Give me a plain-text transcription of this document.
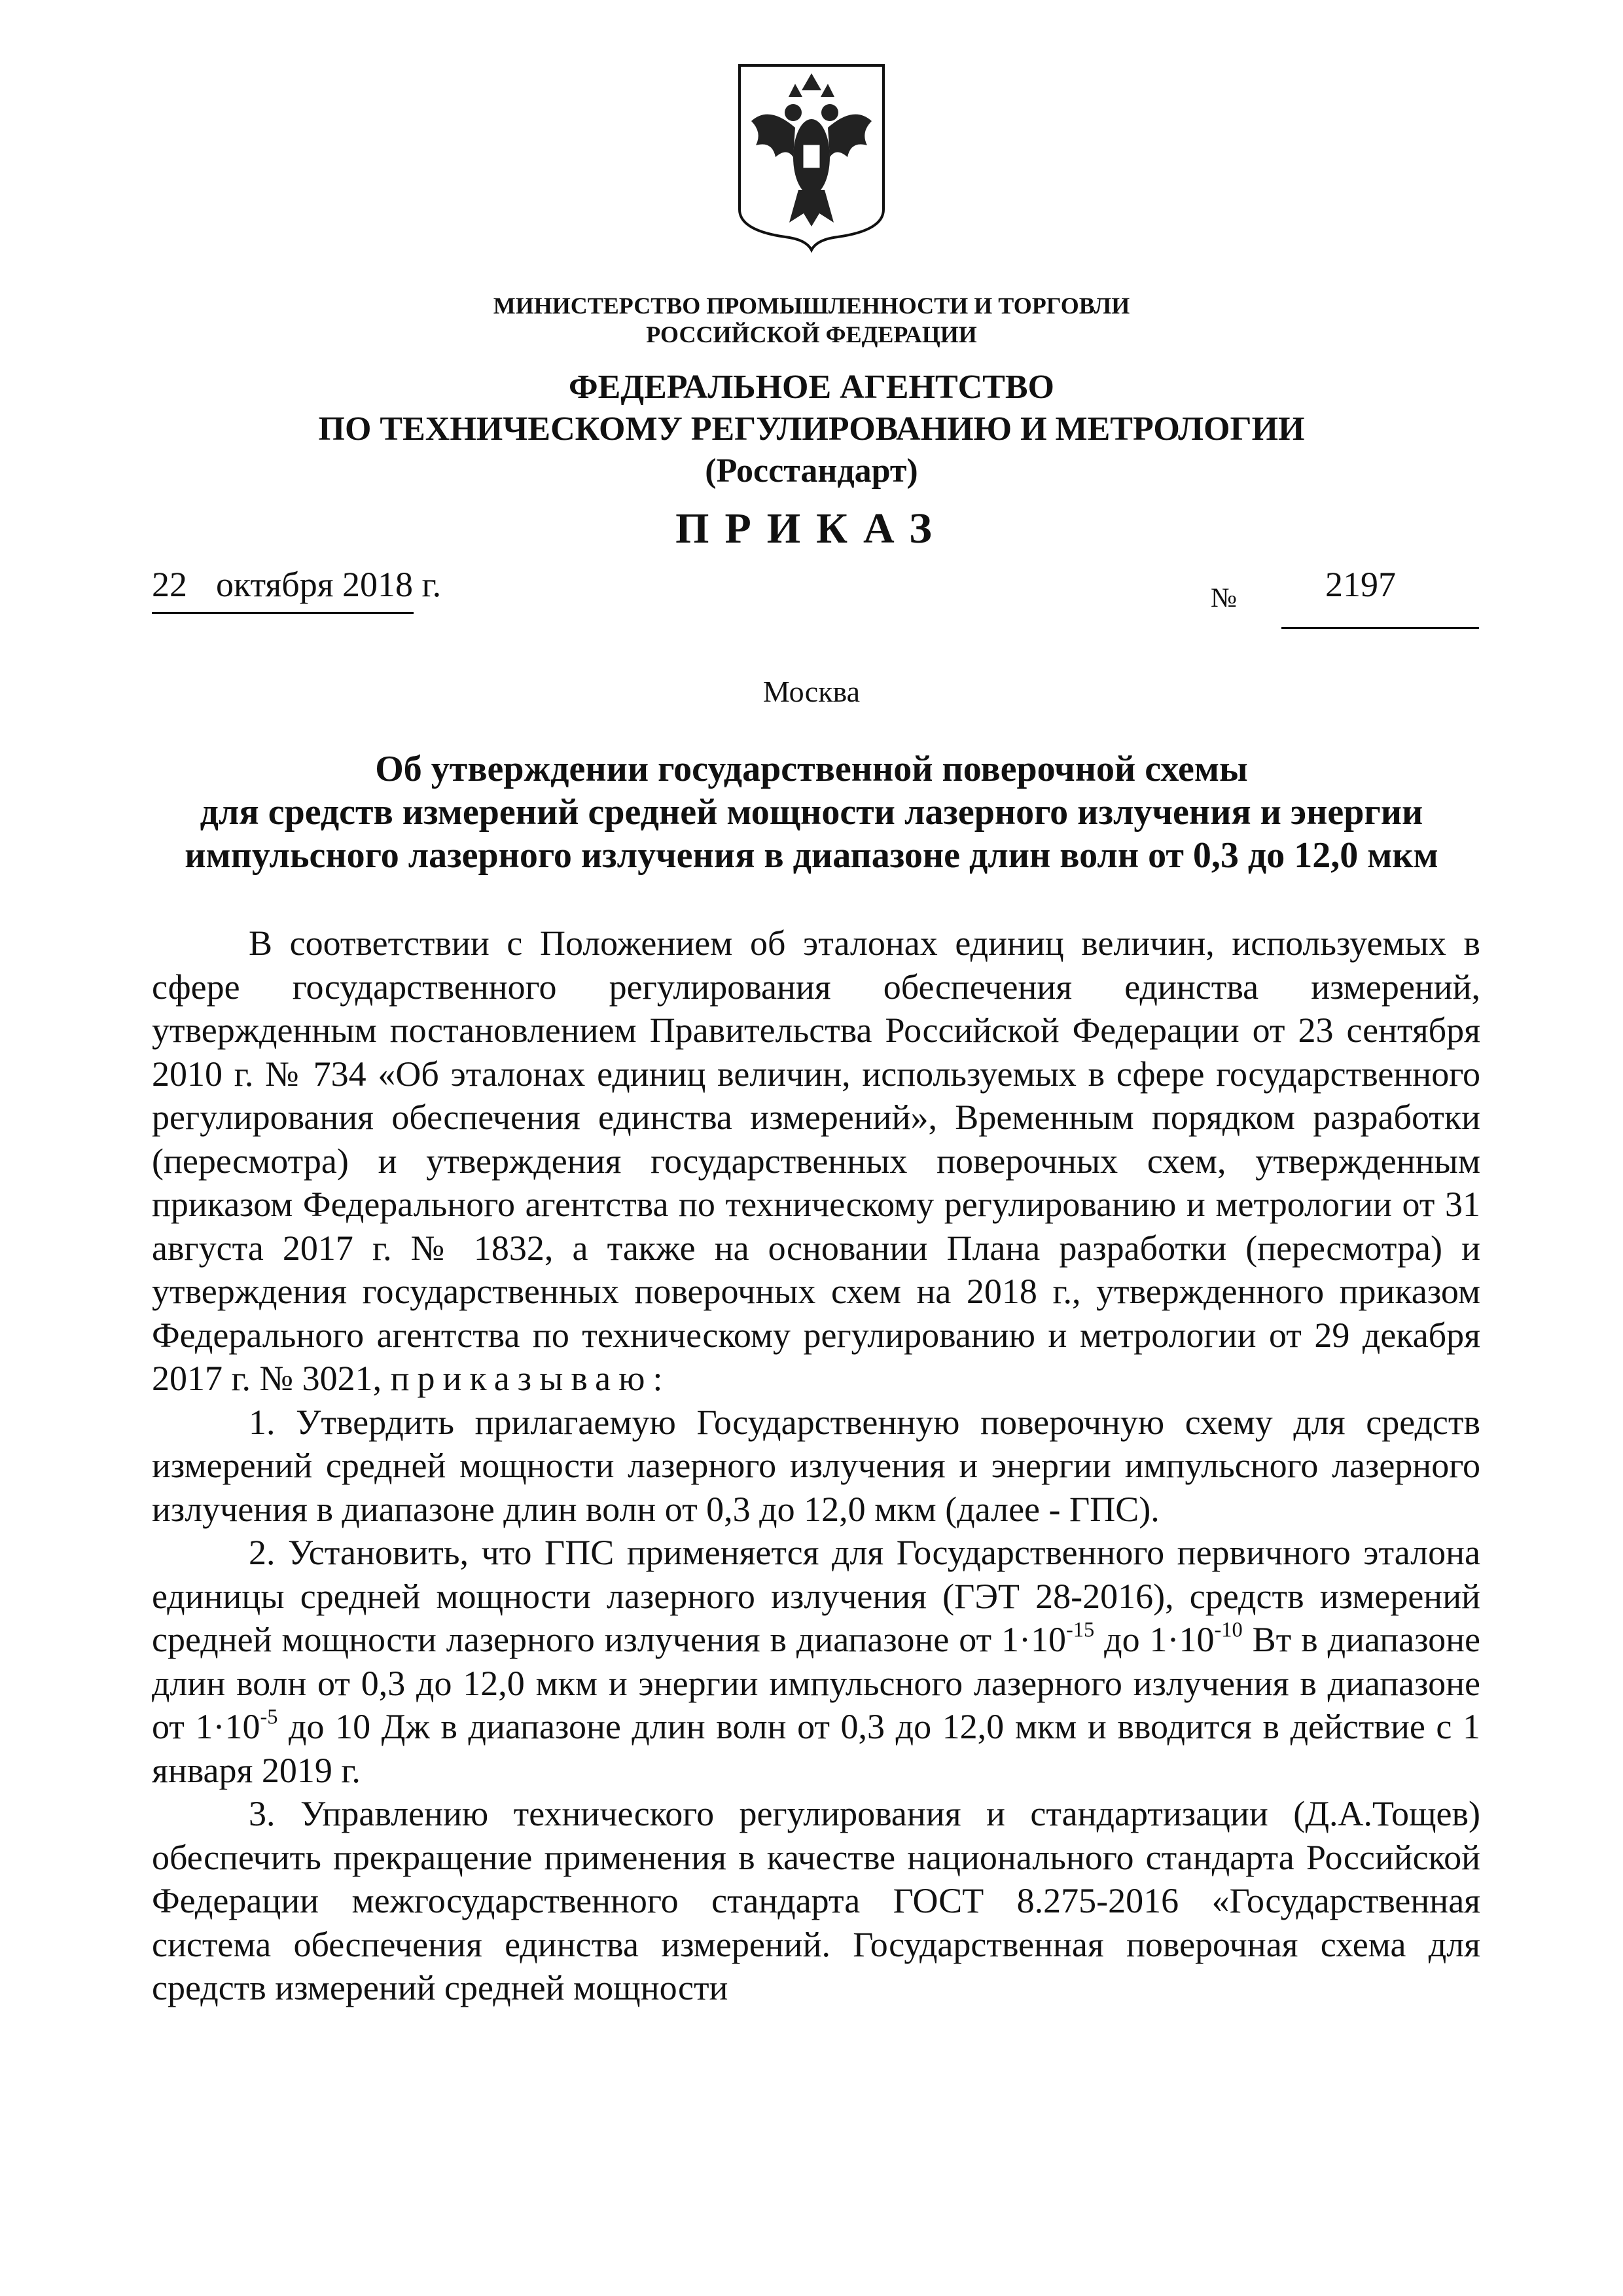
МИНИСТЕРСТВО ПРОМЫШЛЕННОСТИ И ТОРГОВЛИ
РОССИЙСКОЙ ФЕДЕРАЦИИ
ФЕДЕРАЛЬНОЕ АГЕНТСТВО
ПО ТЕХНИЧЕСКОМУ РЕГУЛИРОВАНИЮ И МЕТРОЛОГИИ
(Росстандарт)
ПРИКАЗ
22 октября 2018 г.	№ 2197
Москва
Об утверждении государственной поверочной схемы
для средств измерений средней мощности лазерного излучения и энергии
импульсного лазерного излучения в диапазоне длин волн от 0,3 до 12,0 мкм

В соответствии с Положением об эталонах единиц величин, используемых в сфере государственного регулирования обеспечения единства измерений, утвержденным постановлением Правительства Российской Федерации от 23 сентября 2010 г. № 734 «Об эталонах единиц величин, используемых в сфере государственного регулирования обеспечения единства измерений», Временным порядком разработки (пересмотра) и утверждения государственных поверочных схем, утвержденным приказом Федерального агентства по техническому регулированию и метрологии от 31 августа 2017 г. № 1832, а также на основании Плана разработки (пересмотра) и утверждения государственных поверочных схем на 2018 г., утвержденного приказом Федерального агентства по техническому регулированию и метрологии от 29 декабря 2017 г. № 3021, приказываю:

1. Утвердить прилагаемую Государственную поверочную схему для средств измерений средней мощности лазерного излучения и энергии импульсного лазерного излучения в диапазоне длин волн от 0,3 до 12,0 мкм (далее - ГПС).

2. Установить, что ГПС применяется для Государственного первичного эталона единицы средней мощности лазерного излучения (ГЭТ 28-2016), средств измерений средней мощности лазерного излучения в диапазоне от $1\cdot 10^{-15}$ до $1\cdot 10^{-10}$ Вт в диапазоне длин волн от 0,3 до 12,0 мкм и энергии импульсного лазерного излучения в диапазоне от $1\cdot 10^{-5}$ до 10 Дж в диапазоне длин волн от 0,3 до 12,0 мкм и вводится в действие с 1 января 2019 г.

3. Управлению технического регулирования и стандартизации (Д.А.Тощев) обеспечить прекращение применения в качестве национального стандарта Российской Федерации межгосударственного стандарта ГОСТ 8.275-2016 «Государственная система обеспечения единства измерений. Государственная поверочная схема для средств измерений средней мощности
